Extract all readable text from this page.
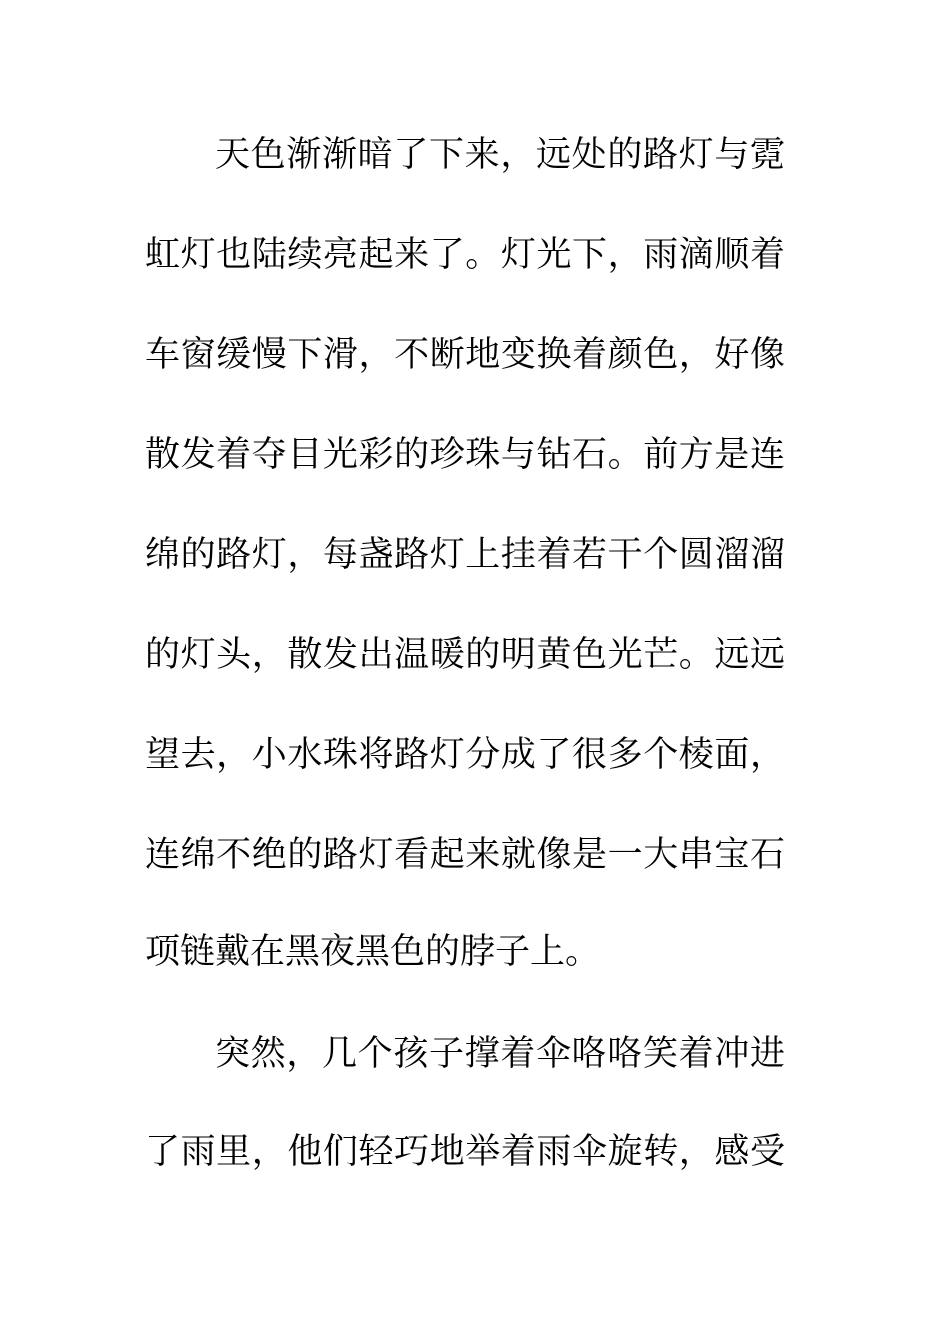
天色渐渐暗了下来，远处的路灯与霓
虹灯也陆续亮起来了。灯光下，雨滴顺着
车窗缓慢下滑，不断地变换着颜色，好像
散发着夺目光彩的珍珠与钻石。前方是连
绵的路灯，每盏路灯上挂着若干个圆溜溜
的灯头，散发出温暖的明黄色光芒。远远
望去，小水珠将路灯分成了很多个棱面，
连绵不绝的路灯看起来就像是一大串宝石
项链戴在黑夜黑色的脖子上。
突然，几个孩子撑着伞咯咯笑着冲进
了雨里，他们轻巧地举着雨伞旋转，感受
